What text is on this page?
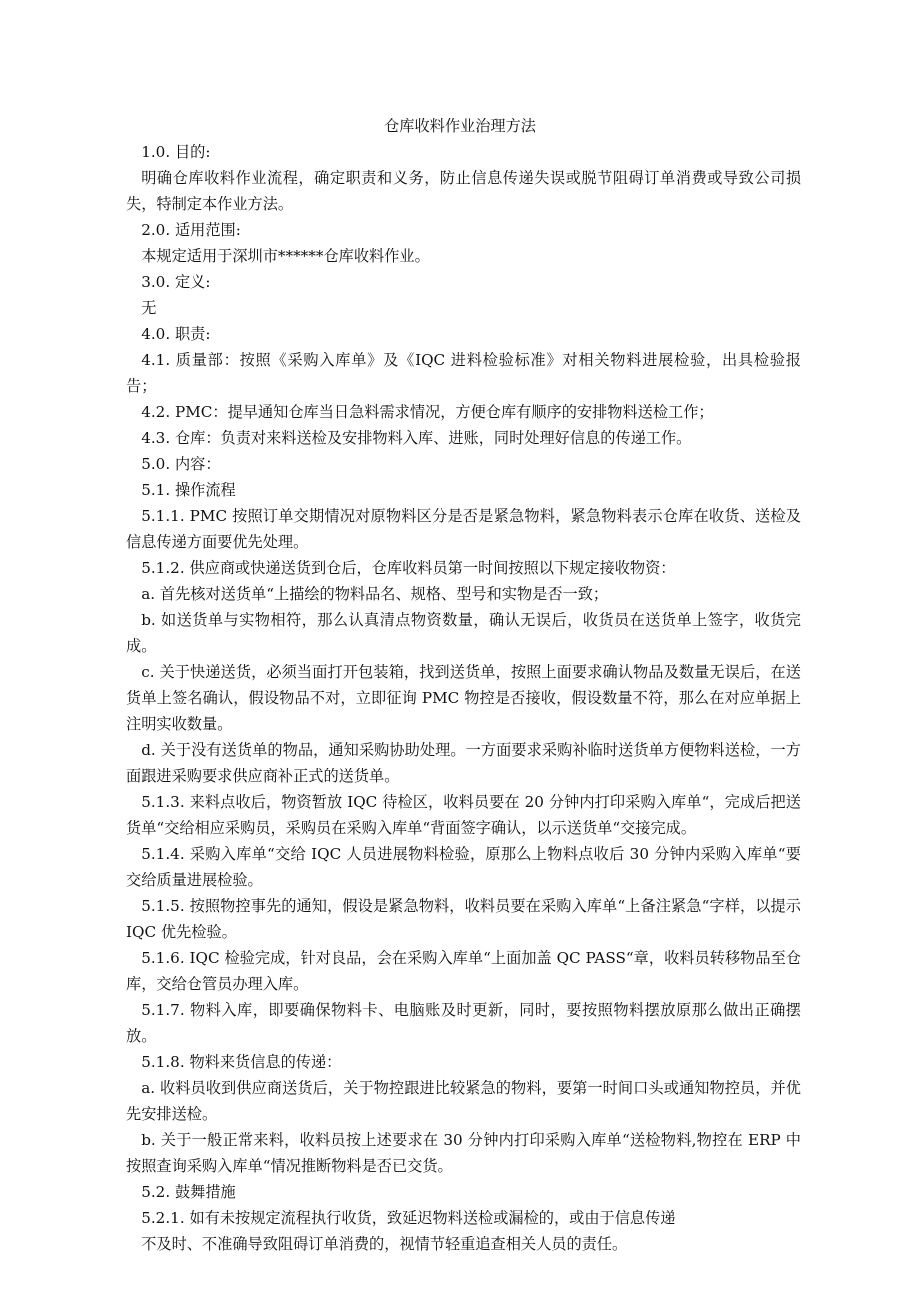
仓库收料作业治理方法

1.0. 目的:

明确仓库收料作业流程，确定职责和义务，防止信息传递失误或脱节阻碍订单消费或导致公司损失，特制定本作业方法。

2.0. 适用范围:

本规定适用于深圳市******仓库收料作业。

3.0. 定义:

无

4.0. 职责:

4.1. 质量部：按照《采购入库单》及《IQC 进料检验标准》对相关物料进展检验，出具检验报告；

4.2. PMC：提早通知仓库当日急料需求情况，方便仓库有顺序的安排物料送检工作；

4.3. 仓库：负责对来料送检及安排物料入库、进账，同时处理好信息的传递工作。

5.0. 内容：

5.1. 操作流程

5.1.1. PMC 按照订单交期情况对原物料区分是否是紧急物料，紧急物料表示仓库在收货、送检及信息传递方面要优先处理。

5.1.2. 供应商或快递送货到仓后，仓库收料员第一时间按照以下规定接收物资：

a. 首先核对送货单“上描绘的物料品名、规格、型号和实物是否一致；

b. 如送货单与实物相符，那么认真清点物资数量，确认无误后，收货员在送货单上签字，收货完成。

c. 关于快递送货，必须当面打开包装箱，找到送货单，按照上面要求确认物品及数量无误后，在送货单上签名确认，假设物品不对，立即征询 PMC 物控是否接收，假设数量不符，那么在对应单据上注明实收数量。

d. 关于没有送货单的物品，通知采购协助处理。一方面要求采购补临时送货单方便物料送检，一方面跟进采购要求供应商补正式的送货单。

5.1.3. 来料点收后，物资暂放 IQC 待检区，收料员要在 20 分钟内打印采购入库单“，完成后把送货单“交给相应采购员，采购员在采购入库单“背面签字确认，以示送货单“交接完成。

5.1.4. 采购入库单“交给 IQC 人员进展物料检验，原那么上物料点收后 30 分钟内采购入库单“要交给质量进展检验。

5.1.5. 按照物控事先的通知，假设是紧急物料，收料员要在采购入库单“上备注紧急“字样，以提示 IQC 优先检验。

5.1.6. IQC 检验完成，针对良品，会在采购入库单“上面加盖 QC PASS“章，收料员转移物品至仓库，交给仓管员办理入库。

5.1.7. 物料入库，即要确保物料卡、电脑账及时更新，同时，要按照物料摆放原那么做出正确摆放。

5.1.8. 物料来货信息的传递：

a. 收料员收到供应商送货后，关于物控跟进比较紧急的物料，要第一时间口头或通知物控员，并优先安排送检。

b. 关于一般正常来料，收料员按上述要求在 30 分钟内打印采购入库单“送检物料,物控在 ERP 中按照查询采购入库单“情况推断物料是否已交货。

5.2. 鼓舞措施

5.2.1. 如有未按规定流程执行收货，致延迟物料送检或漏检的，或由于信息传递

不及时、不准确导致阻碍订单消费的，视情节轻重追查相关人员的责任。
